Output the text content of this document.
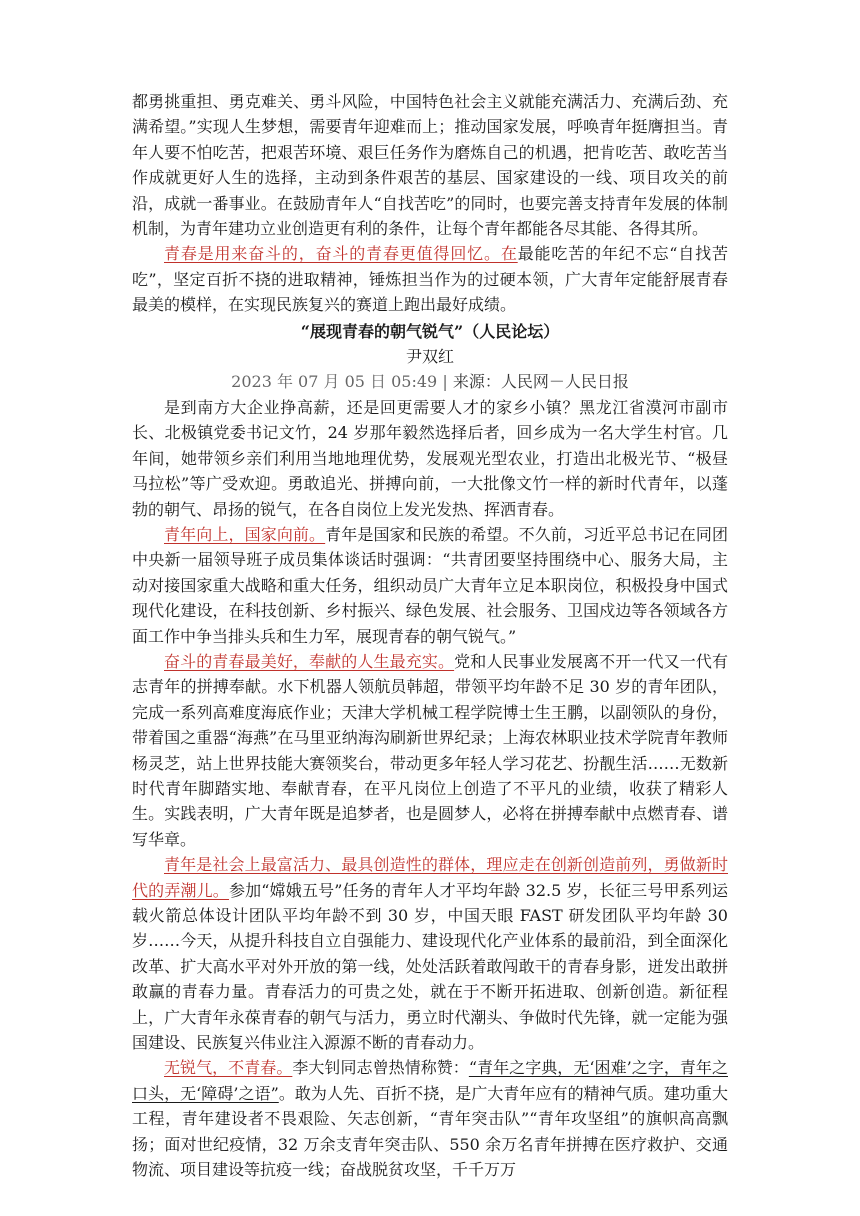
都勇挑重担、勇克难关、勇斗风险，中国特色社会主义就能充满活力、充满后劲、充满希望。”实现人生梦想，需要青年迎难而上；推动国家发展，呼唤青年挺膺担当。青年人要不怕吃苦，把艰苦环境、艰巨任务作为磨炼自己的机遇，把肯吃苦、敢吃苦当作成就更好人生的选择，主动到条件艰苦的基层、国家建设的一线、项目攻关的前沿，成就一番事业。在鼓励青年人“自找苦吃”的同时，也要完善支持青年发展的体制机制，为青年建功立业创造更有利的条件，让每个青年都能各尽其能、各得其所。

青春是用来奋斗的，奋斗的青春更值得回忆。在最能吃苦的年纪不忘“自找苦吃”，坚定百折不挠的进取精神，锤炼担当作为的过硬本领，广大青年定能舒展青春最美的模样，在实现民族复兴的赛道上跑出最好成绩。

“展现青春的朝气锐气”（人民论坛）

尹双红

2023 年 07 月 05 日 05:49 | 来源：人民网－人民日报

是到南方大企业挣高薪，还是回更需要人才的家乡小镇？黑龙江省漠河市副市长、北极镇党委书记文竹，24 岁那年毅然选择后者，回乡成为一名大学生村官。几年间，她带领乡亲们利用当地地理优势，发展观光型农业，打造出北极光节、“极昼马拉松”等广受欢迎。勇敢追光、拼搏向前，一大批像文竹一样的新时代青年，以蓬勃的朝气、昂扬的锐气，在各自岗位上发光发热、挥洒青春。

青年向上，国家向前。青年是国家和民族的希望。不久前，习近平总书记在同团中央新一届领导班子成员集体谈话时强调：“共青团要坚持围绕中心、服务大局，主动对接国家重大战略和重大任务，组织动员广大青年立足本职岗位，积极投身中国式现代化建设，在科技创新、乡村振兴、绿色发展、社会服务、卫国戍边等各领域各方面工作中争当排头兵和生力军，展现青春的朝气锐气。”

奋斗的青春最美好，奉献的人生最充实。党和人民事业发展离不开一代又一代有志青年的拼搏奉献。水下机器人领航员韩超，带领平均年龄不足 30 岁的青年团队，完成一系列高难度海底作业；天津大学机械工程学院博士生王鹏，以副领队的身份，带着国之重器“海燕”在马里亚纳海沟刷新世界纪录；上海农林职业技术学院青年教师杨灵芝，站上世界技能大赛领奖台，带动更多年轻人学习花艺、扮靓生活……无数新时代青年脚踏实地、奉献青春，在平凡岗位上创造了不平凡的业绩，收获了精彩人生。实践表明，广大青年既是追梦者，也是圆梦人，必将在拼搏奉献中点燃青春、谱写华章。

青年是社会上最富活力、最具创造性的群体，理应走在创新创造前列，勇做新时代的弄潮儿。参加“嫦娥五号”任务的青年人才平均年龄 32.5 岁，长征三号甲系列运载火箭总体设计团队平均年龄不到 30 岁，中国天眼 FAST 研发团队平均年龄 30 岁……今天，从提升科技自立自强能力、建设现代化产业体系的最前沿，到全面深化改革、扩大高水平对外开放的第一线，处处活跃着敢闯敢干的青春身影，迸发出敢拼敢赢的青春力量。青春活力的可贵之处，就在于不断开拓进取、创新创造。新征程上，广大青年永葆青春的朝气与活力，勇立时代潮头、争做时代先锋，就一定能为强国建设、民族复兴伟业注入源源不断的青春动力。

无锐气，不青春。李大钊同志曾热情称赞：“青年之字典，无‘困难’之字，青年之口头，无‘障碍’之语”。敢为人先、百折不挠，是广大青年应有的精神气质。建功重大工程，青年建设者不畏艰险、矢志创新，“青年突击队”“青年攻坚组”的旗帜高高飘扬；面对世纪疫情，32 万余支青年突击队、550 余万名青年拼搏在医疗救护、交通物流、项目建设等抗疫一线；奋战脱贫攻坚，千千万万
